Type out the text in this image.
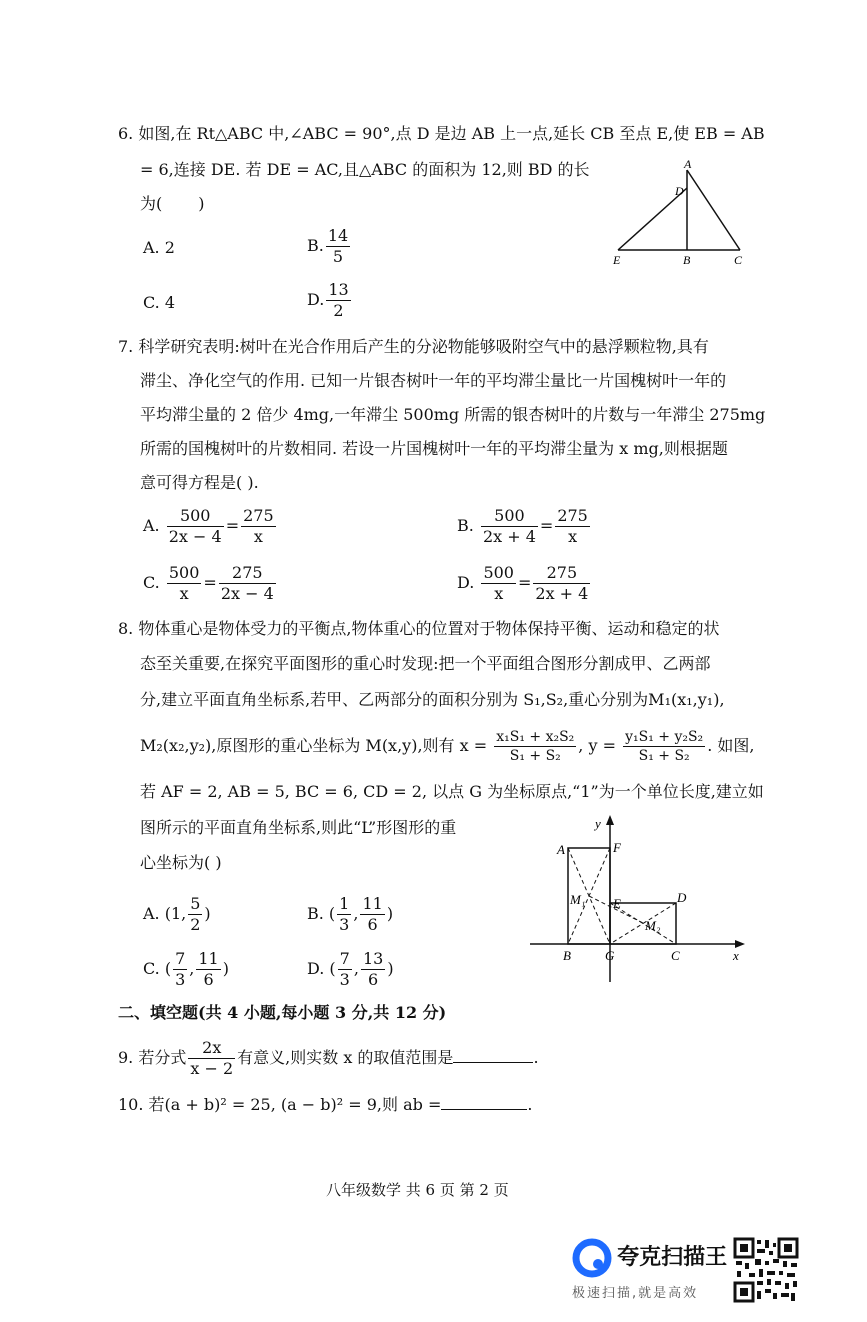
6. 如图,在 Rt△ABC 中,∠ABC = 90°,点 D 是边 AB 上一点,延长 CB 至点 E,使 EB = AB
= 6,连接 DE. 若 DE = AC,且△ABC 的面积为 12,则 BD 的长
为( )
A. 2	B. $\frac{14}{5}$
C. 4	D. $\frac{13}{2}$
A
D
E	B	C
7. 科学研究表明:树叶在光合作用后产生的分泌物能够吸附空气中的悬浮颗粒物,具有
滞尘、净化空气的作用. 已知一片银杏树叶一年的平均滞尘量比一片国槐树叶一年的
平均滞尘量的 2 倍少 4mg,一年滞尘 500mg 所需的银杏树叶的片数与一年滞尘 275mg
所需的国槐树叶的片数相同. 若设一片国槐树叶一年的平均滞尘量为 x mg,则根据题
意可得方程是( ).
A. $\frac{500}{2x - 4} = \frac{275}{x}$	B. $\frac{500}{2x + 4} = \frac{275}{x}$
C. $\frac{500}{x} = \frac{275}{2x - 4}$	D. $\frac{500}{x} = \frac{275}{2x + 4}$
8. 物体重心是物体受力的平衡点,物体重心的位置对于物体保持平衡、运动和稳定的状
态至关重要,在探究平面图形的重心时发现:把一个平面组合图形分割成甲、乙两部
分,建立平面直角坐标系,若甲、乙两部分的面积分别为 S₁,S₂,重心分别为M₁(x₁,y₁),
M₂(x₂,y₂),原图形的重心坐标为 M(x,y),则有 $x = \frac{\text{x₁S₁ + x₂S₂}}{\text{S₁ + S₂}}$ , $y = \frac{\text{y₁S₁ + y₂S₂}}{\text{S₁ + S₂}}$ . 如图,
若 AF = 2, AB = 5, BC = 6, CD = 2, 以点 G 为坐标原点,“1”为一个单位长度,建立如
图所示的平面直角坐标系,则此“L”形图形的重
心坐标为( )
A. (1, $\frac{5}{2}$ )	B. ( $\frac{1}{3}$ , $\frac{11}{6}$ )
C. ( $\frac{7}{3}$ , $\frac{11}{6}$ )	D. ( $\frac{7}{3}$ , $\frac{13}{6}$ )
y
x
A	F
E	D
B	G	C
M₁
M₂
二、填空题(共 4 小题,每小题 3 分,共 12 分)
9. 若分式 $\frac{2x}{x - 2}$ 有意义,则实数 x 的取值范围是	.
10. 若(a + b)² = 25, (a − b)² = 9,则 ab =	.
八年级数学 共 6 页 第 2 页
夸克扫描王
极速扫描,就是高效
